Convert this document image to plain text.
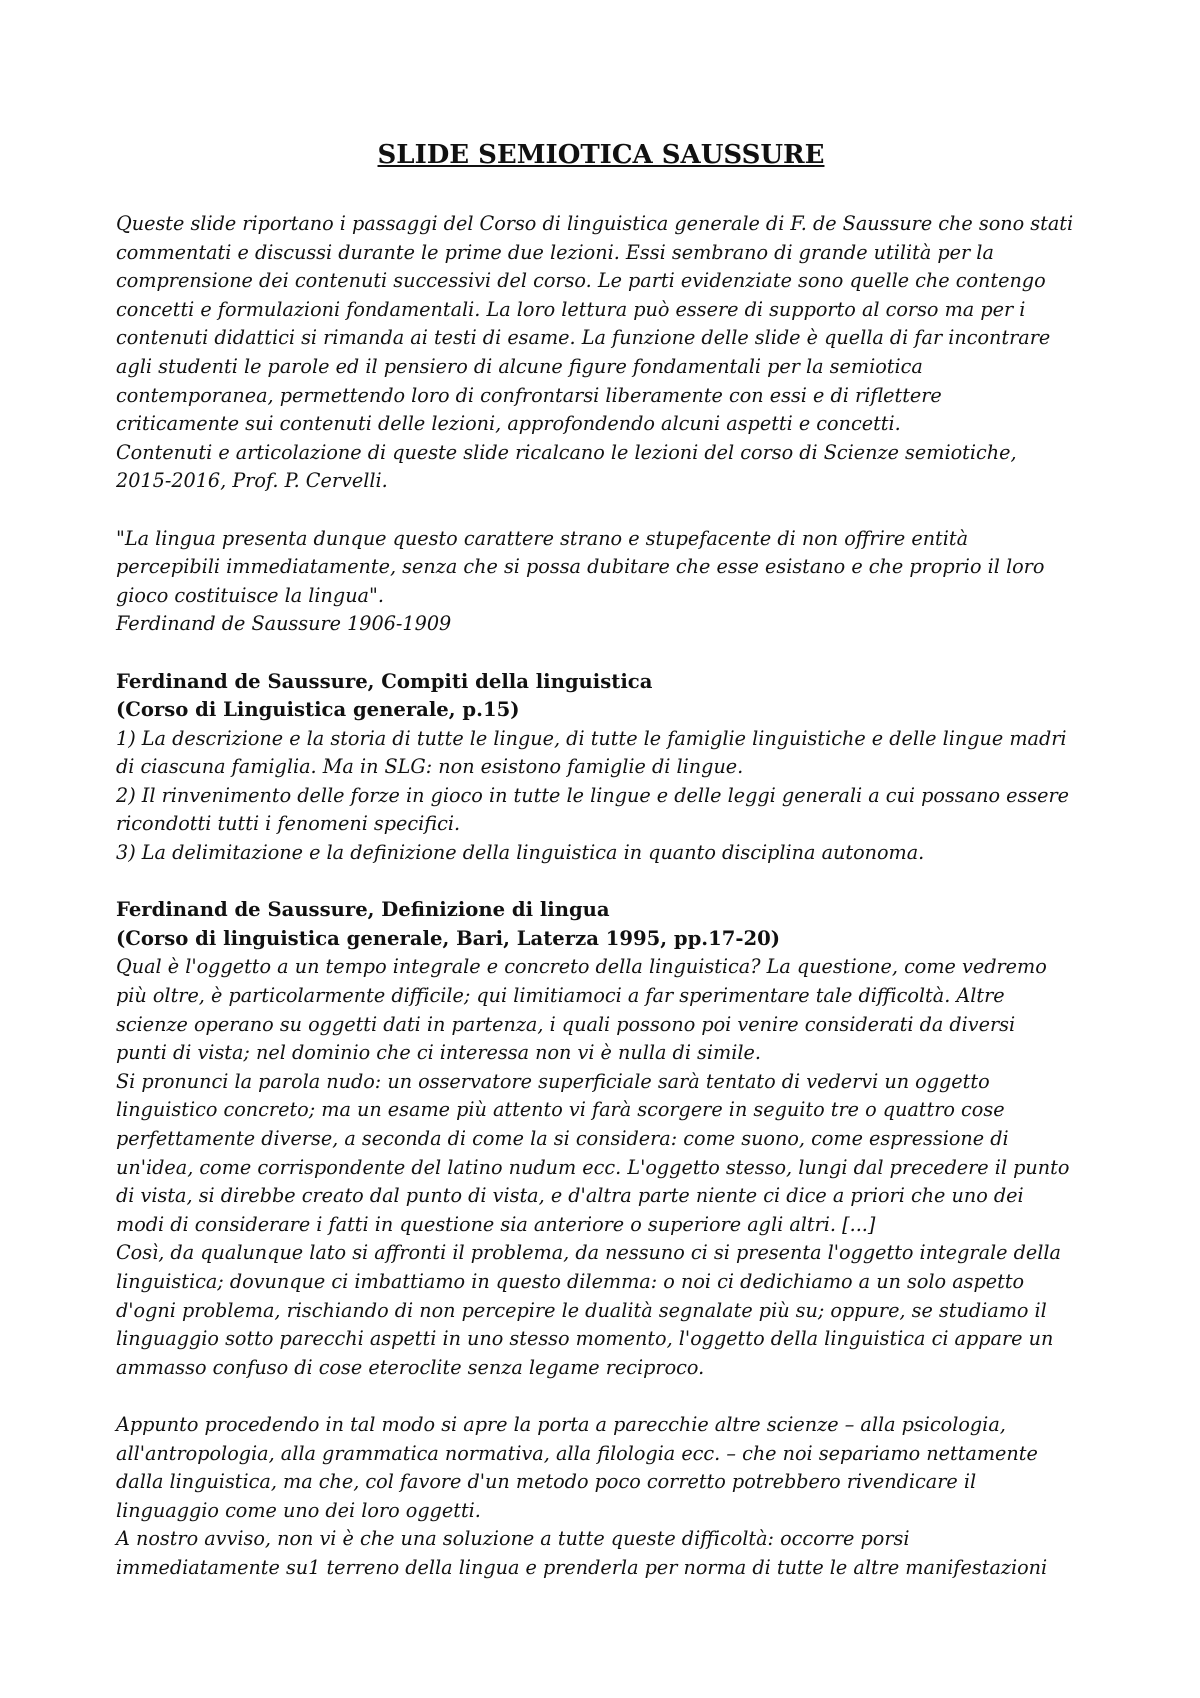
SLIDE SEMIOTICA SAUSSURE
Queste slide riportano i passaggi del Corso di linguistica generale di F. de Saussure che sono stati
commentati e discussi durante le prime due lezioni. Essi sembrano di grande utilità per la
comprensione dei contenuti successivi del corso. Le parti evidenziate sono quelle che contengo
concetti e formulazioni fondamentali. La loro lettura può essere di supporto al corso ma per i
contenuti didattici si rimanda ai testi di esame. La funzione delle slide è quella di far incontrare
agli studenti le parole ed il pensiero di alcune figure fondamentali per la semiotica
contemporanea, permettendo loro di confrontarsi liberamente con essi e di riflettere
criticamente sui contenuti delle lezioni, approfondendo alcuni aspetti e concetti.
Contenuti e articolazione di queste slide ricalcano le lezioni del corso di Scienze semiotiche,
2015-2016, Prof. P. Cervelli.
"La lingua presenta dunque questo carattere strano e stupefacente di non offrire entità
percepibili immediatamente, senza che si possa dubitare che esse esistano e che proprio il loro
gioco costituisce la lingua".
Ferdinand de Saussure 1906-1909
Ferdinand de Saussure, Compiti della linguistica
(Corso di Linguistica generale, p.15)
1) La descrizione e la storia di tutte le lingue, di tutte le famiglie linguistiche e delle lingue madri
di ciascuna famiglia. Ma in SLG: non esistono famiglie di lingue.
2) Il rinvenimento delle forze in gioco in tutte le lingue e delle leggi generali a cui possano essere
ricondotti tutti i fenomeni specifici.
3) La delimitazione e la definizione della linguistica in quanto disciplina autonoma.
Ferdinand de Saussure, Definizione di lingua
(Corso di linguistica generale, Bari, Laterza 1995, pp.17-20)
Qual è l'oggetto a un tempo integrale e concreto della linguistica? La questione, come vedremo
più oltre, è particolarmente difficile; qui limitiamoci a far sperimentare tale difficoltà. Altre
scienze operano su oggetti dati in partenza, i quali possono poi venire considerati da diversi
punti di vista; nel dominio che ci interessa non vi è nulla di simile.
Si pronunci la parola nudo: un osservatore superficiale sarà tentato di vedervi un oggetto
linguistico concreto; ma un esame più attento vi farà scorgere in seguito tre o quattro cose
perfettamente diverse, a seconda di come la si considera: come suono, come espressione di
un'idea, come corrispondente del latino nudum ecc. L'oggetto stesso, lungi dal precedere il punto
di vista, si direbbe creato dal punto di vista, e d'altra parte niente ci dice a priori che uno dei
modi di considerare i fatti in questione sia anteriore o superiore agli altri. [...]
Così, da qualunque lato si affronti il problema, da nessuno ci si presenta l'oggetto integrale della
linguistica; dovunque ci imbattiamo in questo dilemma: o noi ci dedichiamo a un solo aspetto
d'ogni problema, rischiando di non percepire le dualità segnalate più su; oppure, se studiamo il
linguaggio sotto parecchi aspetti in uno stesso momento, l'oggetto della linguistica ci appare un
ammasso confuso di cose eteroclite senza legame reciproco.
Appunto procedendo in tal modo si apre la porta a parecchie altre scienze – alla psicologia,
all'antropologia, alla grammatica normativa, alla filologia ecc. – che noi separiamo nettamente
dalla linguistica, ma che, col favore d'un metodo poco corretto potrebbero rivendicare il
linguaggio come uno dei loro oggetti.
A nostro avviso, non vi è che una soluzione a tutte queste difficoltà: occorre porsi
immediatamente su1 terreno della lingua e prenderla per norma di tutte le altre manifestazioni
